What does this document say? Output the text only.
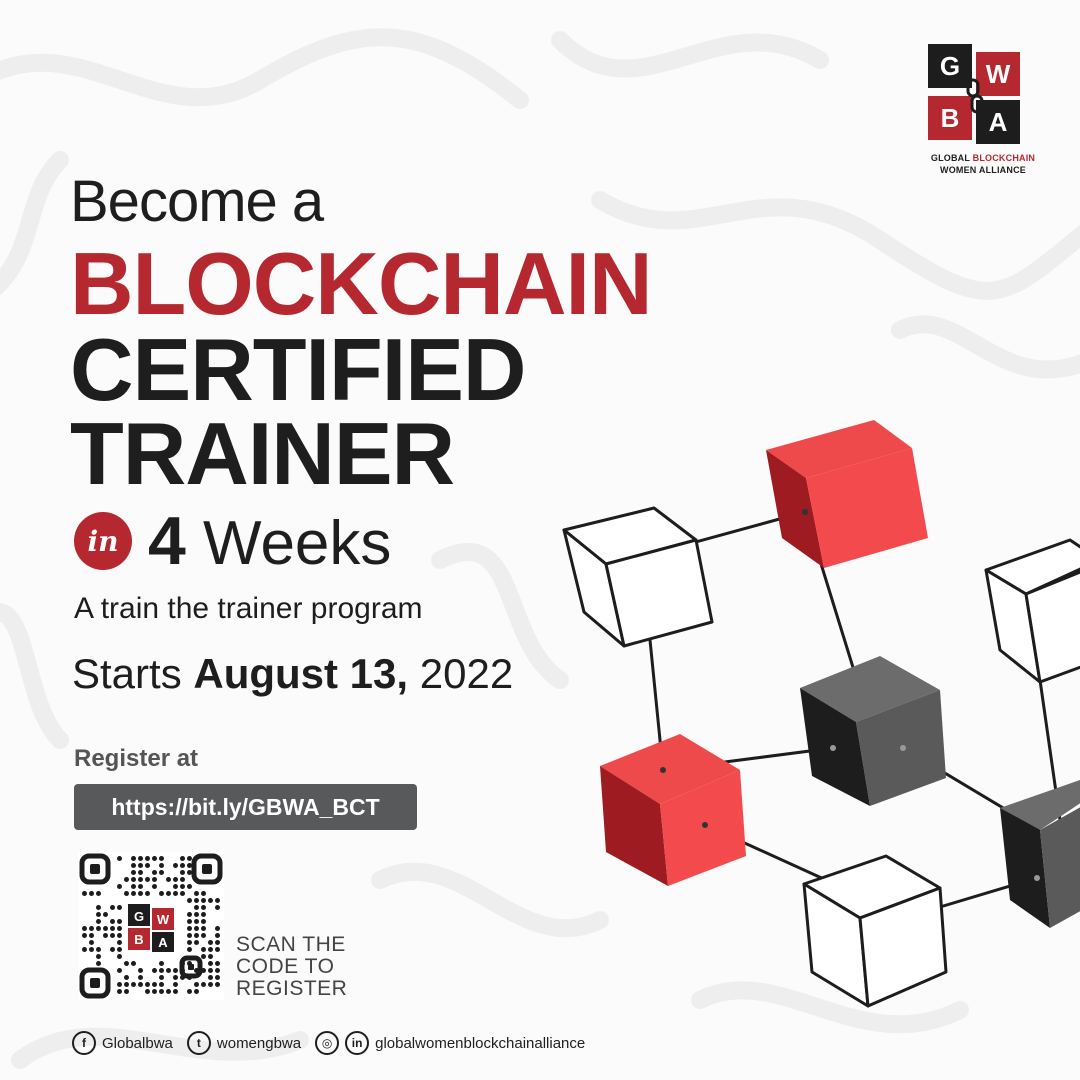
G W
B	A
GLOBAL BLOCKCHAIN
WOMEN ALLIANCE
Become a
BLOCKCHAIN
CERTIFIED
TRAINER
in 4 Weeks
A train the trainer program
Starts August 13, 2022
Register at
https://bit.ly/GBWA_BCT
G W
B A	SCAN THE
CODE TO
REGISTER
f	Globalbwa	t	womengbwa	◎	in globalwomenblockchainalliance
